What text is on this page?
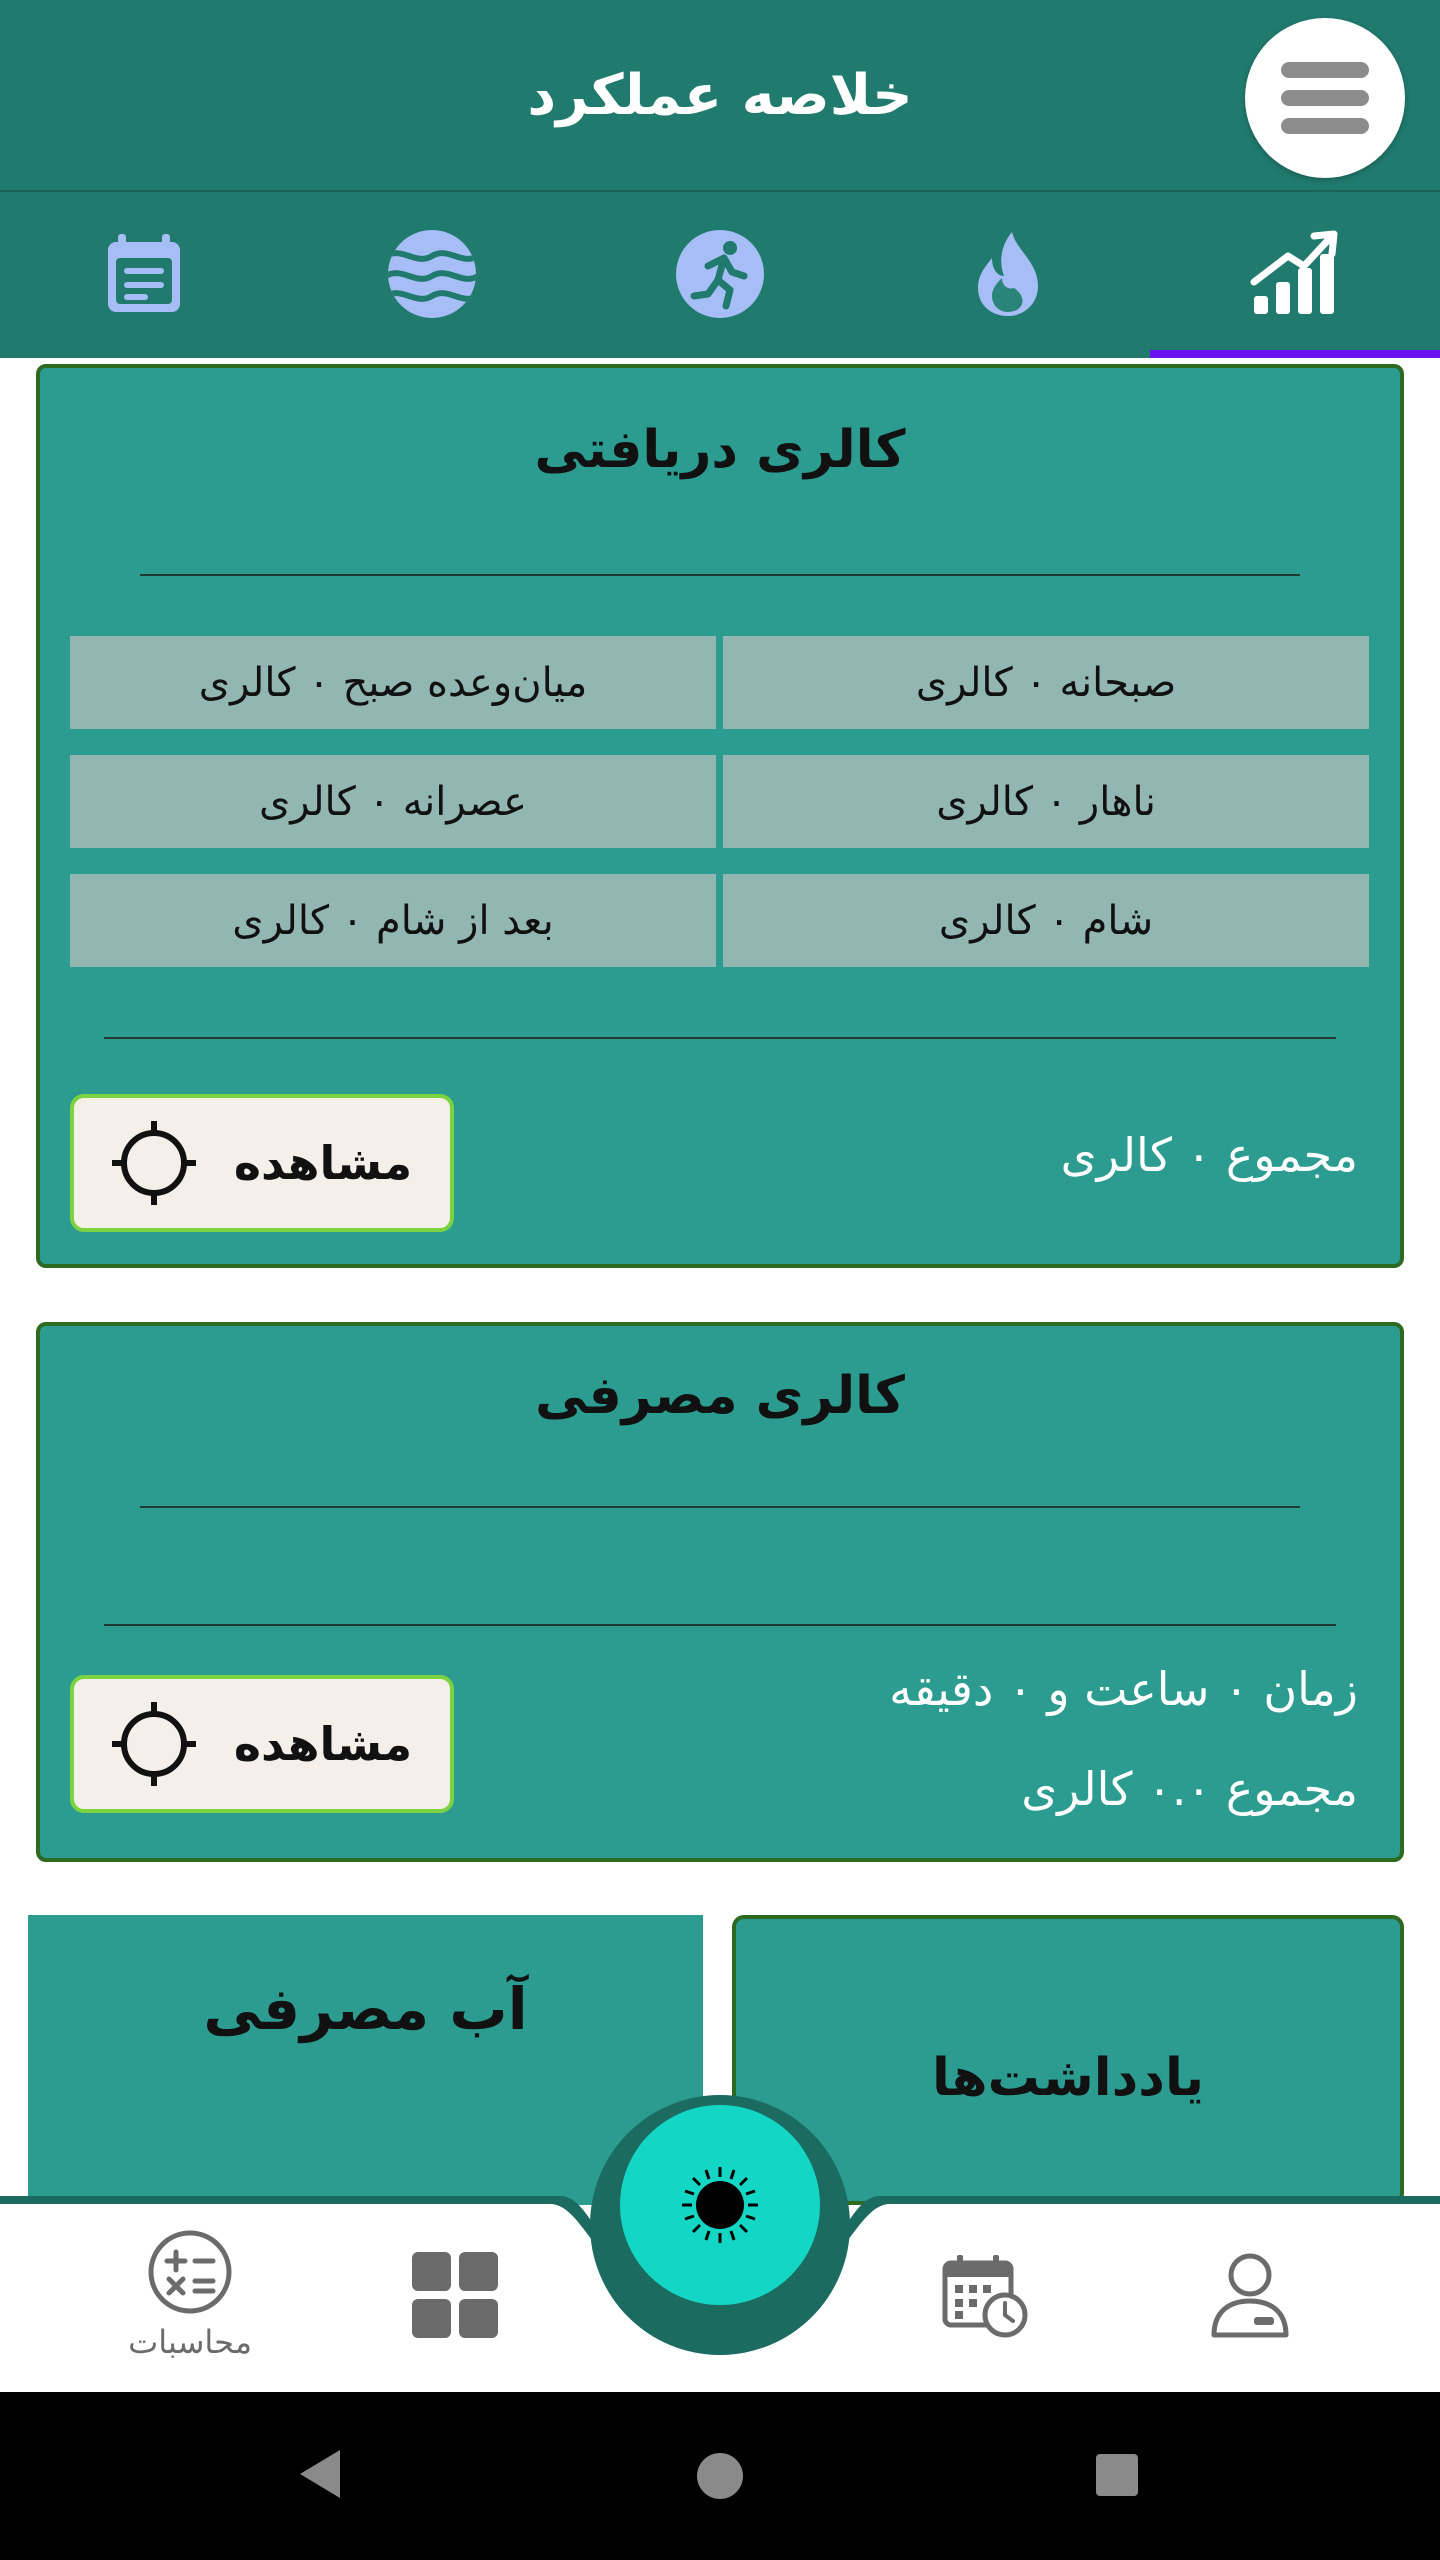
خلاصه عملکرد
کالری دریافتی
صبحانه ۰ کالری
میان‌وعده صبح ۰ کالری
ناهار ۰ کالری
عصرانه ۰ کالری
شام ۰ کالری
بعد از شام ۰ کالری
مجموع ۰ کالری
مشاهده
کالری مصرفی
زمان ۰ ساعت و ۰ دقیقه
مجموع ۰.۰ کالری
مشاهده
آب مصرفی
یادداشت‌ها
محاسبات
